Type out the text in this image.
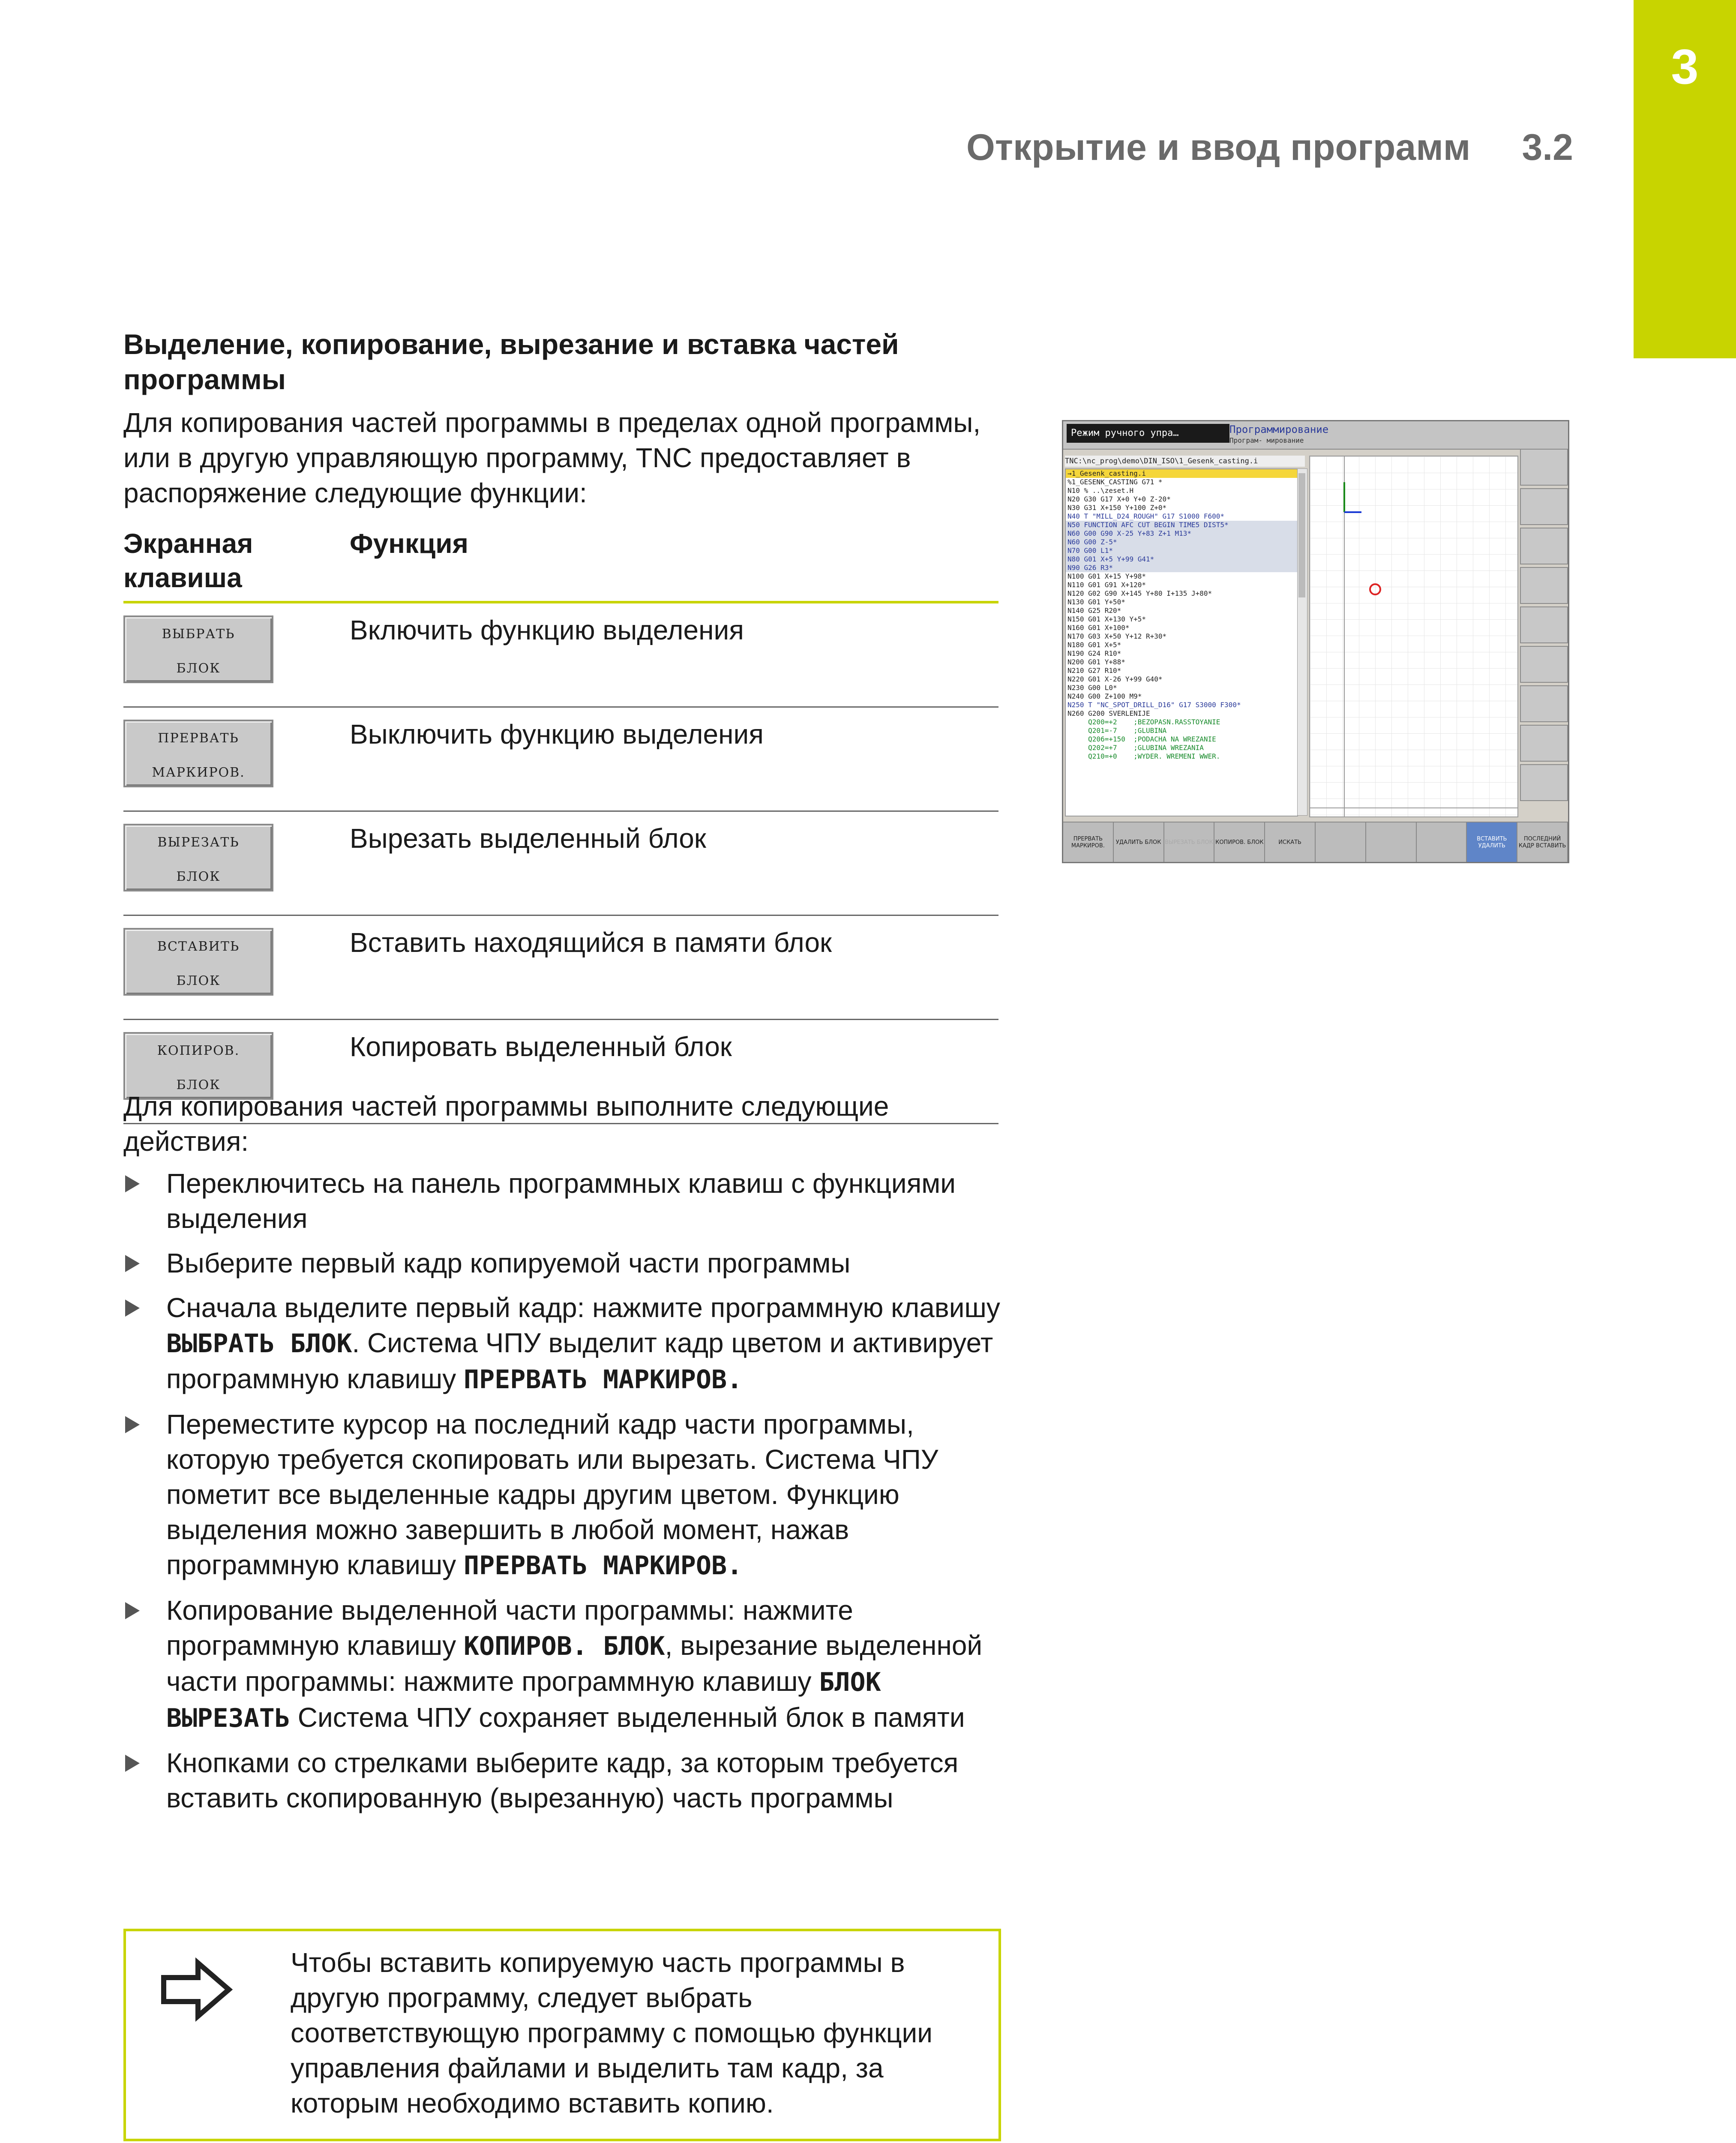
3
Открытие и ввод программ 3.2
Выделение, копирование, вырезание и вставка частей программы
Для копирования частей программы в пределах одной программы, или в другую управляющую программу, TNC предоставляет в распоряжение следующие функции:
Экранная клавиша	Функция

ВЫБРАТЬ
БЛОК	Включить функцию выделения

ПРЕРВАТЬ
МАРКИРОВ.	Выключить функцию выделения

ВЫРЕЗАТЬ
БЛОК	Вырезать выделенный блок

ВСТАВИТЬ
БЛОК	Вставить находящийся в памяти блок

КОПИРОВ.
БЛОК	Копировать выделенный блок
Режим ручного упра…	Программирование
Програм- мирование
TNC:\nc_prog\demo\DIN_ISO\1_Gesenk_casting.i
→1_Gesenk_casting.i
%1_GESENK_CASTING G71 *
N10 % ..\zeset.H
N20 G30 G17 X+0 Y+0 Z-20*
N30 G31 X+150 Y+100 Z+0*
N40 T "MILL_D24_ROUGH" G17 S1000 F600*
N50 FUNCTION AFC CUT BEGIN TIME5 DIST5*
N60 G00 G90 X-25 Y+83 Z+1 M13*
N60 G00 Z-5*
N70 G00 L1*
N80 G01 X+5 Y+99 G41*
N90 G26 R3*
N100 G01 X+15 Y+98*
N110 G01 G91 X+120*
N120 G02 G90 X+145 Y+80 I+135 J+80*
N130 G01 Y+50*
N140 G25 R20*
N150 G01 X+130 Y+5*
N160 G01 X+100*
N170 G03 X+50 Y+12 R+30*
N180 G01 X+5*
N190 G24 R10*
N200 G01 Y+88*
N210 G27 R10*
N220 G01 X-26 Y+99 G40*
N230 G00 L0*
N240 G00 Z+100 M9*
N250 T "NC_SPOT_DRILL_D16" G17 S3000 F300*
N260 G200 SVERLENIJE
Q200=+2    ;BEZOPASN.RASSTOYANIE
Q201=-7    ;GLUBINA
Q206=+150  ;PODACHA NA WREZANIE
Q202=+7    ;GLUBINA WREZANIA
Q210=+0    ;WYDER. WREMENI WWER.
ПРЕРВАТЬ МАРКИРОВ.
УДАЛИТЬ БЛОК ВЫРЕЗАТЬ БЛОК КОПИРОВ. БЛОК	ИСКАТЬ
ВСТАВИТЬ УДАЛИТЬ
ПОСЛЕДНИЙ КАДР ВСТАВИТЬ
Для копирования частей программы выполните следующие действия:
Переключитесь на панель программных клавиш с функциями выделения
Выберите первый кадр копируемой части программы
Сначала выделите первый кадр: нажмите программную клавишу ВЫБРАТЬ БЛОК. Система ЧПУ выделит кадр цветом и активирует программную клавишу ПРЕРВАТЬ МАРКИРОВ.
Переместите курсор на последний кадр части программы, которую требуется скопировать или вырезать. Система ЧПУ пометит все выделенные кадры другим цветом. Функцию выделения можно завершить в любой момент, нажав программную клавишу ПРЕРВАТЬ МАРКИРОВ.
Копирование выделенной части программы: нажмите программную клавишу КОПИРОВ. БЛОК, вырезание выделенной части программы: нажмите программную клавишу БЛОК ВЫРЕЗАТЬ Система ЧПУ сохраняет выделенный блок в памяти
Кнопками со стрелками выберите кадр, за которым требуется вставить скопированную (вырезанную) часть программы
Чтобы вставить копируемую часть программы в другую программу, следует выбрать соответствующую программу с помощью функции управления файлами и выделить там кадр, за которым необходимо вставить копию.
